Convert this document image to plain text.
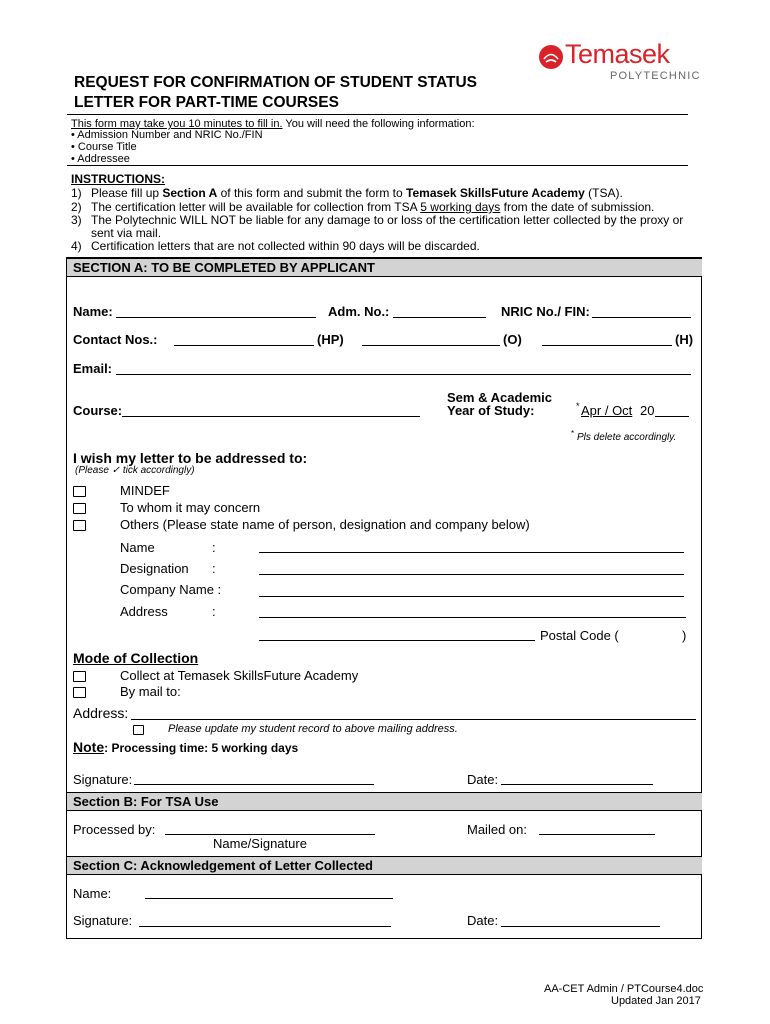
Temasek
POLYTECHNIC
REQUEST FOR CONFIRMATION OF STUDENT STATUS
LETTER FOR PART-TIME COURSES
This form may take you 10 minutes to fill in. You will need the following information:
• Admission Number and NRIC No./FIN
• Course Title
• Addressee
INSTRUCTIONS:
1) Please fill up Section A of this form and submit the form to Temasek SkillsFuture Academy (TSA).
2) The certification letter will be available for collection from TSA 5 working days from the date of submission.
3) The Polytechnic WILL NOT be liable for any damage to or loss of the certification letter collected by the proxy or
sent via mail.
4) Certification letters that are not collected within 90 days will be discarded.
SECTION A: TO BE COMPLETED BY APPLICANT
Name:	Adm. No.:	NRIC No./ FIN:
Contact Nos.:	(HP)	(O)	(H)
Email:
Sem & Academic
Course:	Year of Study:	* Apr / Oct 20
* Pls delete accordingly.
I wish my letter to be addressed to:
(Please ✓ tick accordingly)
MINDEF
To whom it may concern
Others (Please state name of person, designation and company below)
Name	:
Designation :
Company Name :
Address	:
Postal Code (	)
Mode of Collection
Collect at Temasek SkillsFuture Academy
By mail to:
Address:
Please update my student record to above mailing address.
Note: Processing time: 5 working days
Signature:	Date:
Section B: For TSA Use
Processed by:
Name/Signature
Mailed on:
Section C: Acknowledgement of Letter Collected
Name:
Signature:	Date:
AA-CET Admin / PTCourse4.doc
Updated Jan 2017
